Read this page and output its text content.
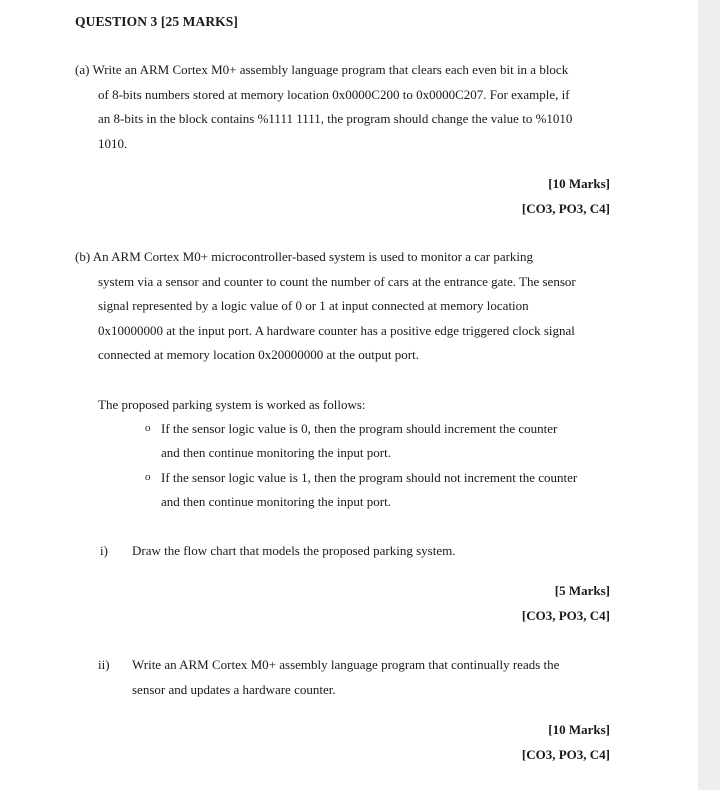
QUESTION 3 [25 MARKS]
(a) Write an ARM Cortex M0+ assembly language program that clears each even bit in a block
of 8-bits numbers stored at memory location 0x0000C200 to 0x0000C207. For example, if
an 8-bits in the block contains %1111 1111, the program should change the value to %1010
1010.
[10 Marks]
[CO3, PO3, C4]
(b) An ARM Cortex M0+ microcontroller-based system is used to monitor a car parking
system via a sensor and counter to count the number of cars at the entrance gate. The sensor
signal represented by a logic value of 0 or 1 at input connected at memory location
0x10000000 at the input port. A hardware counter has a positive edge triggered clock signal
connected at memory location 0x20000000 at the output port.
The proposed parking system is worked as follows:
o If the sensor logic value is 0, then the program should increment the counter
and then continue monitoring the input port.
o If the sensor logic value is 1, then the program should not increment the counter
and then continue monitoring the input port.
i) Draw the flow chart that models the proposed parking system.
[5 Marks]
[CO3, PO3, C4]
ii) Write an ARM Cortex M0+ assembly language program that continually reads the
sensor and updates a hardware counter.
[10 Marks]
[CO3, PO3, C4]
